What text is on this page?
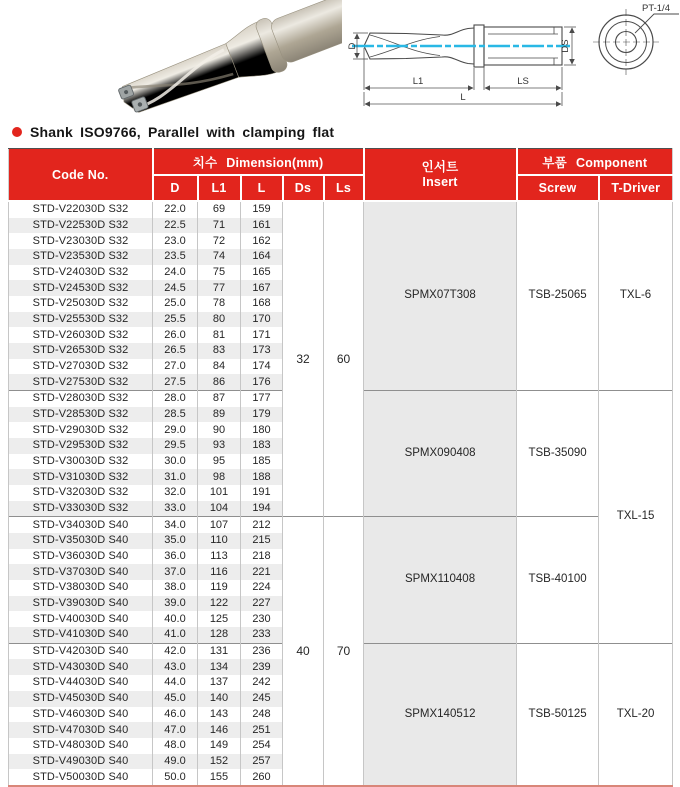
D
L1	LS
L
DS
PT-1/4
Shank ISO9766, Parallel with clamping flat
Code No.	치수 Dimension(mm)					인서트
Insert	부품 Component	
	D	L1	L	Ds	Ls		Screw	T-Driver
STD-V22030D S32	22.0	69	159	32	60	SPMX07T308	TSB-25065	TXL-6
STD-V22530D S32	22.5	71	161					
STD-V23030D S32	23.0	72	162					
STD-V23530D S32	23.5	74	164					
STD-V24030D S32	24.0	75	165					
STD-V24530D S32	24.5	77	167					
STD-V25030D S32	25.0	78	168					
STD-V25530D S32	25.5	80	170					
STD-V26030D S32	26.0	81	171					
STD-V26530D S32	26.5	83	173					
STD-V27030D S32	27.0	84	174					
STD-V27530D S32	27.5	86	176					
STD-V28030D S32	28.0	87	177			SPMX090408	TSB-35090	TXL-15
STD-V28530D S32	28.5	89	179					
STD-V29030D S32	29.0	90	180					
STD-V29530D S32	29.5	93	183					
STD-V30030D S32	30.0	95	185					
STD-V31030D S32	31.0	98	188					
STD-V32030D S32	32.0	101	191					
STD-V33030D S32	33.0	104	194					
STD-V34030D S40	34.0	107	212	40	70	SPMX110408	TSB-40100	
STD-V35030D S40	35.0	110	215					
STD-V36030D S40	36.0	113	218					
STD-V37030D S40	37.0	116	221					
STD-V38030D S40	38.0	119	224					
STD-V39030D S40	39.0	122	227					
STD-V40030D S40	40.0	125	230					
STD-V41030D S40	41.0	128	233					
STD-V42030D S40	42.0	131	236			SPMX140512	TSB-50125	TXL-20
STD-V43030D S40	43.0	134	239					
STD-V44030D S40	44.0	137	242					
STD-V45030D S40	45.0	140	245					
STD-V46030D S40	46.0	143	248					
STD-V47030D S40	47.0	146	251					
STD-V48030D S40	48.0	149	254					
STD-V49030D S40	49.0	152	257					
STD-V50030D S40	50.0	155	260					
